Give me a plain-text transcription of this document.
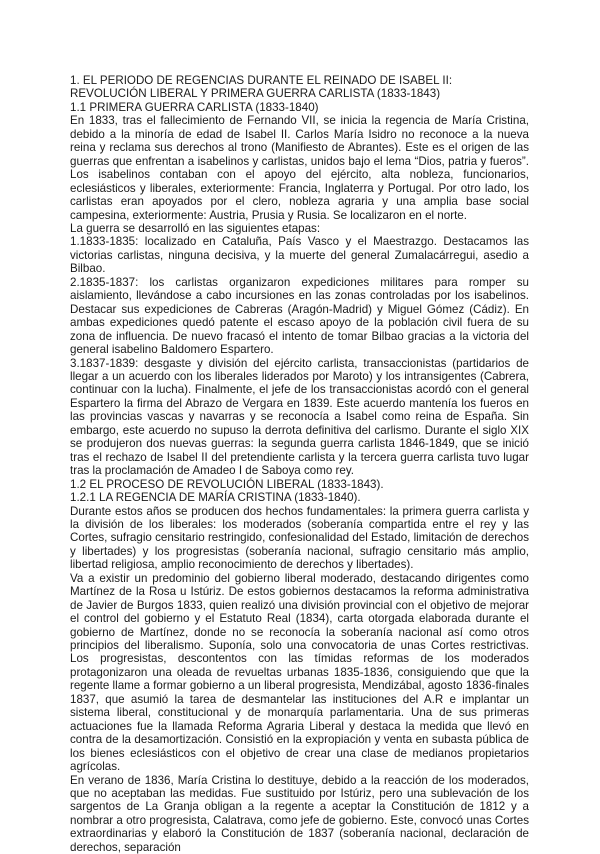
1. EL PERIODO DE REGENCIAS DURANTE EL REINADO DE ISABEL II: REVOLUCIÓN LIBERAL Y PRIMERA GUERRA CARLISTA (1833-1843)

1.1 PRIMERA GUERRA CARLISTA (1833-1840)

En 1833, tras el fallecimiento de Fernando VII, se inicia la regencia de María Cristina, debido a la minoría de edad de Isabel II. Carlos María Isidro no reconoce a la nueva reina y reclama sus derechos al trono (Manifiesto de Abrantes). Este es el origen de las guerras que enfrentan a isabelinos y carlistas, unidos bajo el lema “Dios, patria y fueros”. Los isabelinos contaban con el apoyo del ejército, alta nobleza, funcionarios, eclesiásticos y liberales, exteriormente: Francia, Inglaterra y Portugal. Por otro lado, los carlistas eran apoyados por el clero, nobleza agraria y una amplia base social campesina, exteriormente: Austria, Prusia y Rusia. Se localizaron en el norte.

La guerra se desarrolló en las siguientes etapas:

1.1833-1835: localizado en Cataluña, País Vasco y el Maestrazgo. Destacamos las victorias carlistas, ninguna decisiva, y la muerte del general Zumalacárregui, asedio a Bilbao.

2.1835-1837: los carlistas organizaron expediciones militares para romper su aislamiento, llevándose a cabo incursiones en las zonas controladas por los isabelinos. Destacar sus expediciones de Cabreras (Aragón-Madrid) y Miguel Gómez (Cádiz). En ambas expediciones quedó patente el escaso apoyo de la población civil fuera de su zona de influencia. De nuevo fracasó el intento de tomar Bilbao gracias a la victoria del general isabelino Baldomero Espartero.

3.1837-1839: desgaste y división del ejército carlista, transaccionistas (partidarios de llegar a un acuerdo con los liberales liderados por Maroto) y los intransigentes (Cabrera, continuar con la lucha). Finalmente, el jefe de los transaccionistas acordó con el general Espartero la firma del Abrazo de Vergara en 1839. Este acuerdo mantenía los fueros en las provincias vascas y navarras y se reconocía a Isabel como reina de España. Sin embargo, este acuerdo no supuso la derrota definitiva del carlismo. Durante el siglo XIX se produjeron dos nuevas guerras: la segunda guerra carlista 1846-1849, que se inició tras el rechazo de Isabel II del pretendiente carlista y la tercera guerra carlista tuvo lugar tras la proclamación de Amadeo I de Saboya como rey.

1.2 EL PROCESO DE REVOLUCIÓN LIBERAL (1833-1843).

1.2.1 LA REGENCIA DE MARÍA CRISTINA (1833-1840).

Durante estos años se producen dos hechos fundamentales: la primera guerra carlista y la división de los liberales: los moderados (soberanía compartida entre el rey y las Cortes, sufragio censitario restringido, confesionalidad del Estado, limitación de derechos y libertades) y los progresistas (soberanía nacional, sufragio censitario más amplio, libertad religiosa, amplio reconocimiento de derechos y libertades).

Va a existir un predominio del gobierno liberal moderado, destacando dirigentes como Martínez de la Rosa u Istúriz. De estos gobiernos destacamos la reforma administrativa de Javier de Burgos 1833, quien realizó una división provincial con el objetivo de mejorar el control del gobierno y el Estatuto Real (1834), carta otorgada elaborada durante el gobierno de Martínez, donde no se reconocía la soberanía nacional así como otros principios del liberalismo. Suponía, solo una convocatoria de unas Cortes restrictivas. Los progresistas, descontentos con las tímidas reformas de los moderados protagonizaron una oleada de revueltas urbanas 1835-1836, consiguiendo que que la regente llame a formar gobierno a un liberal progresista, Mendizábal, agosto 1836-finales 1837, que asumió la tarea de desmantelar las instituciones del A.R e implantar un sistema liberal, constitucional y de monarquía parlamentaria. Una de sus primeras actuaciones fue la llamada Reforma Agraria Liberal y destaca la medida que llevó en contra de la desamortización. Consistió en la expropiación y venta en subasta pública de los bienes eclesiásticos con el objetivo de crear una clase de medianos propietarios agrícolas.

En verano de 1836, María Cristina lo destituye, debido a la reacción de los moderados, que no aceptaban las medidas. Fue sustituido por Istúriz, pero una sublevación de los sargentos de La Granja obligan a la regente a aceptar la Constitución de 1812 y a nombrar a otro progresista, Calatrava, como jefe de gobierno. Este, convocó unas Cortes extraordinarias y elaboró la Constitución de 1837 (soberanía nacional, declaración de derechos, separación
